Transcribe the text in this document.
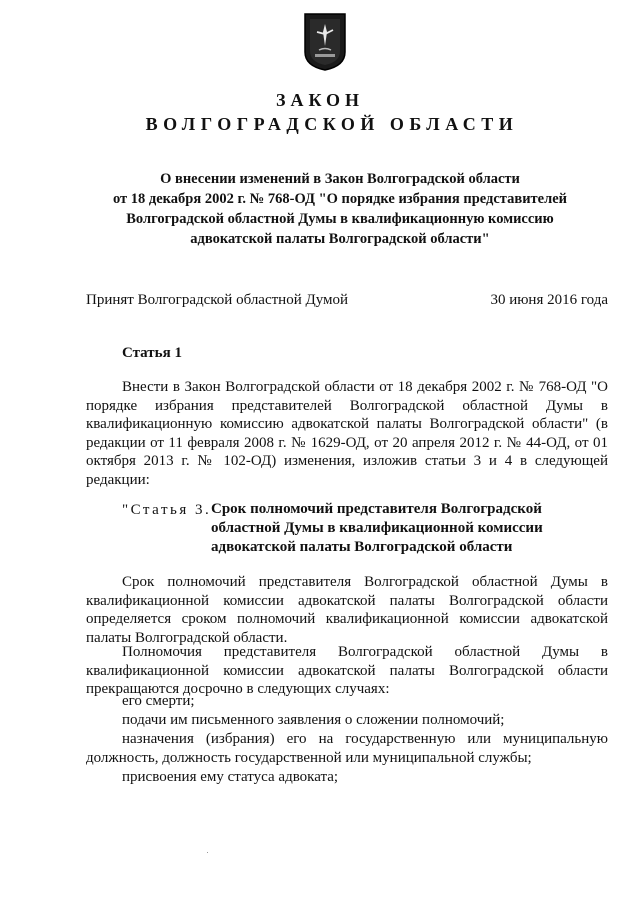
ЗАКОН
ВОЛГОГРАДСКОЙ ОБЛАСТИ
О внесении изменений в Закон Волгоградской области
от 18 декабря 2002 г. № 768-ОД "О порядке избрания представителей
Волгоградской областной Думы в квалификационную комиссию
адвокатской палаты Волгоградской области"
Принят Волгоградской областной Думой	30 июня 2016 года
Статья 1
Внести в Закон Волгоградской области от 18 декабря 2002 г. № 768-ОД "О порядке избрания представителей Волгоградской областной Думы в квалификационную комиссию адвокатской палаты Волгоградской области" (в редакции от 11 февраля 2008 г. № 1629-ОД, от 20 апреля 2012 г. № 44-ОД, от 01 октября 2013 г. № 102-ОД) изменения, изложив статьи 3 и 4 в следующей редакции:
"Статья 3. Срок полномочий представителя Волгоградской
областной Думы в квалификационной комиссии
адвокатской палаты Волгоградской области
Срок полномочий представителя Волгоградской областной Думы в квалификационной комиссии адвокатской палаты Волгоградской области определяется сроком полномочий квалификационной комиссии адвокатской палаты Волгоградской области.
Полномочия представителя Волгоградской областной Думы в квалификационной комиссии адвокатской палаты Волгоградской области прекращаются досрочно в следующих случаях:
его смерти;
подачи им письменного заявления о сложении полномочий;
назначения (избрания) его на государственную или муниципальную должность, должность государственной или муниципальной службы;
присвоения ему статуса адвоката;
